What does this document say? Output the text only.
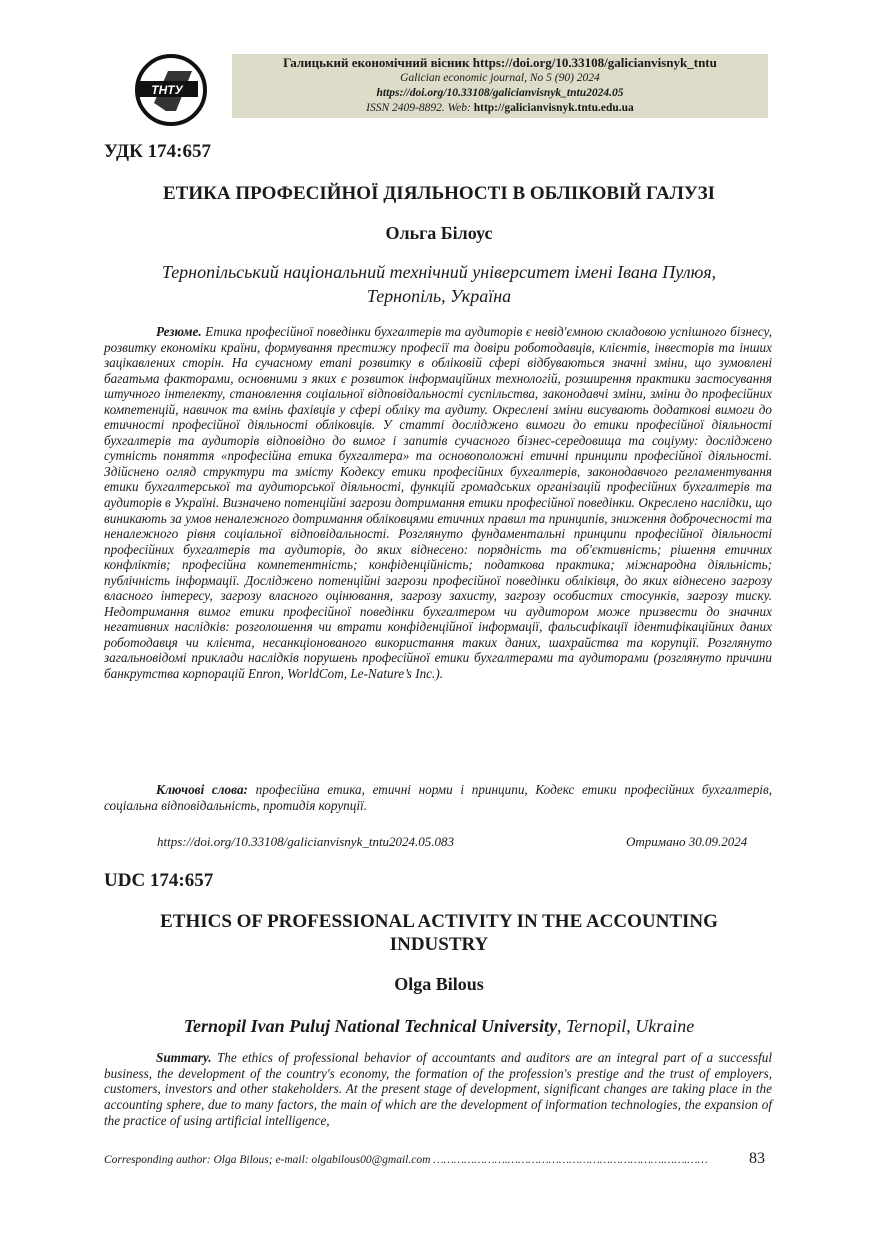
ТНТУ
Галицький економічний вісник https://doi.org/10.33108/galicianvisnyk_tntu
Galician economic journal, No 5 (90) 2024
https://doi.org/10.33108/galicianvisnyk_tntu2024.05
ISSN 2409-8892. Web: http://galicianvisnyk.tntu.edu.ua
УДК 174:657
ЕТИКА ПРОФЕСІЙНОЇ ДІЯЛЬНОСТІ В ОБЛІКОВІЙ ГАЛУЗІ
Ольга Білоус
Тернопільський національний технічний університет імені Івана Пулюя,
Тернопіль, Україна
Резюме. Етика професійної поведінки бухгалтерів та аудиторів є невід'ємною складовою успішного бізнесу, розвитку економіки країни, формування престижу професії та довіри роботодавців, клієнтів, інвесторів та інших зацікавлених сторін. На сучасному етапі розвитку в обліковій сфері відбуваються значні зміни, що зумовлені багатьма факторами, основними з яких є розвиток інформаційних технологій, розширення практики застосування штучного інтелекту, становлення соціальної відповідальності суспільства, законодавчі зміни, зміни до професійних компетенцій, навичок та вмінь фахівців у сфері обліку та аудиту. Окреслені зміни висувають додаткові вимоги до етичності професійної діяльності обліковців. У статті досліджено вимоги до етики професійної діяльності бухгалтерів та аудиторів відповідно до вимог і запитів сучасного бізнес-середовища та соціуму: досліджено сутність поняття «професійна етика бухгалтера» та основоположні етичні принципи професійної діяльності. Здійснено огляд структури та змісту Кодексу етики професійних бухгалтерів, законодавчого регламентування етики бухгалтерської та аудиторської діяльності, функцій громадських організацій професійних бухгалтерів та аудиторів в Україні. Визначено потенційні загрози дотримання етики професійної поведінки. Окреслено наслідки, що виникають за умов неналежного дотримання обліковцями етичних правил та принципів, зниження доброчесності та неналежного рівня соціальної відповідальності. Розглянуто фундаментальні принципи професійної діяльності професійних бухгалтерів та аудиторів, до яких віднесено: порядність та об'єктивність; рішення етичних конфліктів; професійна компетентність; конфіденційність; податкова практика; міжнародна діяльність; публічність інформації. Досліджено потенційні загрози професійної поведінки обліківця, до яких віднесено загрозу власного інтересу, загрозу власного оцінювання, загрозу захисту, загрозу особистих стосунків, загрозу тиску. Недотримання вимог етики професійної поведінки бухгалтером чи аудитором може призвести до значних негативних наслідків: розголошення чи втрати конфіденційної інформації, фальсифікації ідентифікаційних даних роботодавця чи клієнта, несанкціонованого використання таких даних, шахрайства та корупції. Розглянуто загальновідомі приклади наслідків порушень професійної етики бухгалтерами та аудиторами (розглянуто причини банкрутства корпорацій Enron, WorldCom, Le-Nature’s Inc.).
Ключові слова: професійна етика, етичні норми і принципи, Кодекс етики професійних бухгалтерів, соціальна відповідальність, протидія корупції.
https://doi.org/10.33108/galicianvisnyk_tntu2024.05.083	Отримано 30.09.2024
UDC 174:657
ETHICS OF PROFESSIONAL ACTIVITY IN THE ACCOUNTING
INDUSTRY
Olga Bilous
Ternopil Ivan Puluj National Technical University, Ternopil, Ukraine
Summary. The ethics of professional behavior of accountants and auditors are an integral part of a successful business, the development of the country's economy, the formation of the profession's prestige and the trust of employers, customers, investors and other stakeholders. At the present stage of development, significant changes are taking place in the accounting sphere, due to many factors, the main of which are the development of information technologies, the expansion of the practice of using artificial intelligence,
Corresponding author: Olga Bilous; e-mail: olgabilous00@gmail.com ………………….……………………………………….…….……	83
